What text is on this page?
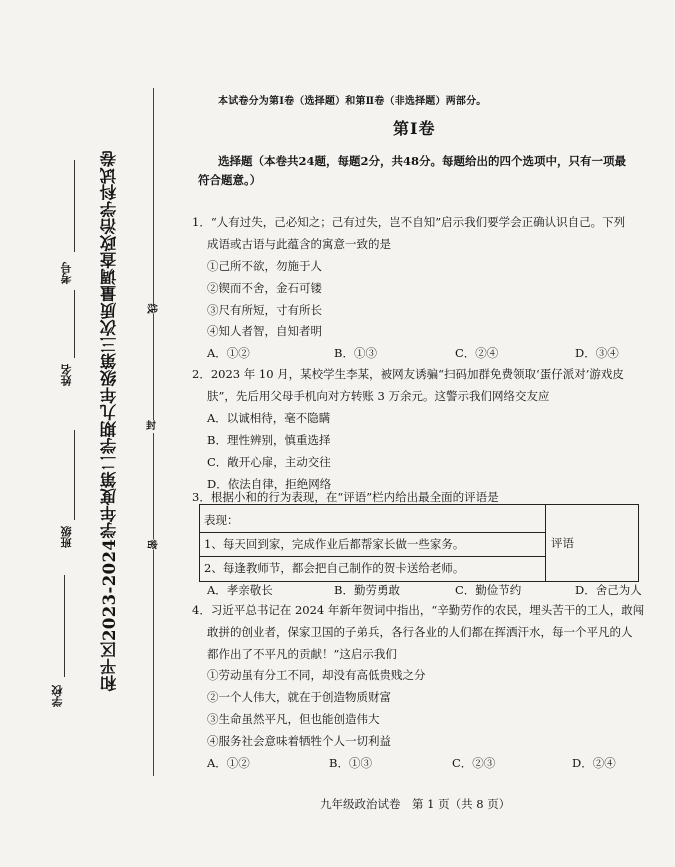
和平区2023-2024学年度第二学期九年级第三次质量调查政治学科试卷
学校
班级
姓名
考号
线
封
密
本试卷分为第Ⅰ卷（选择题）和第Ⅱ卷（非选择题）两部分。
第Ⅰ卷
选择题（本卷共24题，每题2分，共48分。每题给出的四个选项中，只有一项最
符合题意。）
1．“人有过失，己必知之；己有过失，岂不自知”启示我们要学会正确认识自己。下列
成语或古语与此蕴含的寓意一致的是
①己所不欲，勿施于人
②锲而不舍，金石可镂
③尺有所短，寸有所长
④知人者智，自知者明
A．①②	B．①③	C．②④	D．③④
2．2023 年 10 月，某校学生李某，被网友诱骗“扫码加群免费领取‘蛋仔派对’游戏皮
肤”，先后用父母手机向对方转账 3 万余元。这警示我们网络交友应
A．以诚相待，毫不隐瞒
B．理性辨别，慎重选择
C．敞开心扉，主动交往
D．依法自律，拒绝网络
3．根据小和的行为表现，在“评语”栏内给出最全面的评语是
表现：
1、每天回到家，完成作业后都帮家长做一些家务。
2、每逢教师节，都会把自己制作的贺卡送给老师。
评语
A．孝亲敬长	B．勤劳勇敢	C．勤俭节约	D．舍己为人
4．习近平总书记在 2024 年新年贺词中指出，“辛勤劳作的农民，埋头苦干的工人，敢闯
敢拼的创业者，保家卫国的子弟兵，各行各业的人们都在挥洒汗水，每一个平凡的人
都作出了不平凡的贡献！”这启示我们
①劳动虽有分工不同，却没有高低贵贱之分
②一个人伟大，就在于创造物质财富
③生命虽然平凡，但也能创造伟大
④服务社会意味着牺牲个人一切利益
A．①②	B．①③	C．②③	D．②④
九年级政治试卷　第 1 页（共 8 页）
